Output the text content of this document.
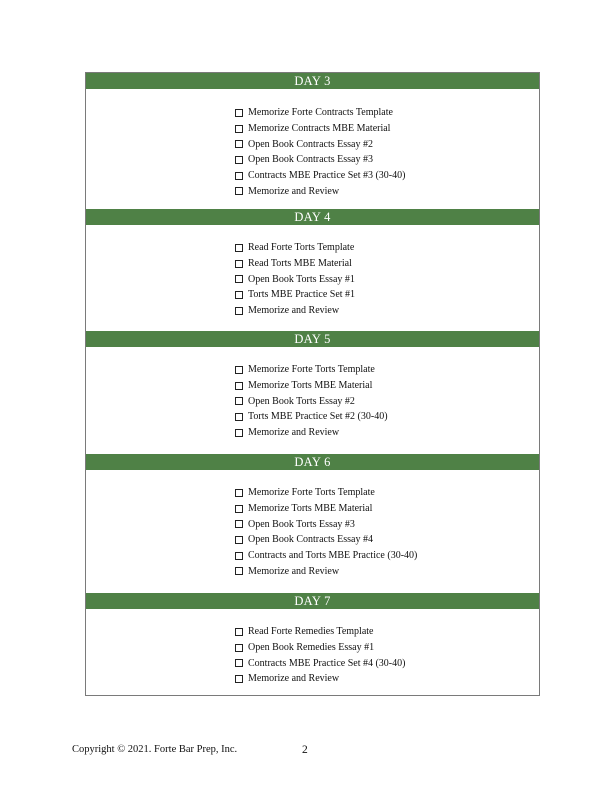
DAY 3
Memorize Forte Contracts Template
Memorize Contracts MBE Material
Open Book Contracts Essay #2
Open Book Contracts Essay #3
Contracts MBE Practice Set #3 (30-40)
Memorize and Review
DAY 4
Read Forte Torts Template
Read Torts MBE Material
Open Book Torts Essay #1
Torts MBE Practice Set #1
Memorize and Review
DAY 5
Memorize Forte Torts Template
Memorize Torts MBE Material
Open Book Torts Essay #2
Torts MBE Practice Set #2 (30-40)
Memorize and Review
DAY 6
Memorize Forte Torts Template
Memorize Torts MBE Material
Open Book Torts Essay #3
Open Book Contracts Essay #4
Contracts and Torts MBE Practice (30-40)
Memorize and Review
DAY 7
Read Forte Remedies Template
Open Book Remedies Essay #1
Contracts MBE Practice Set #4 (30-40)
Memorize and Review
Copyright © 2021. Forte Bar Prep, Inc.	2
